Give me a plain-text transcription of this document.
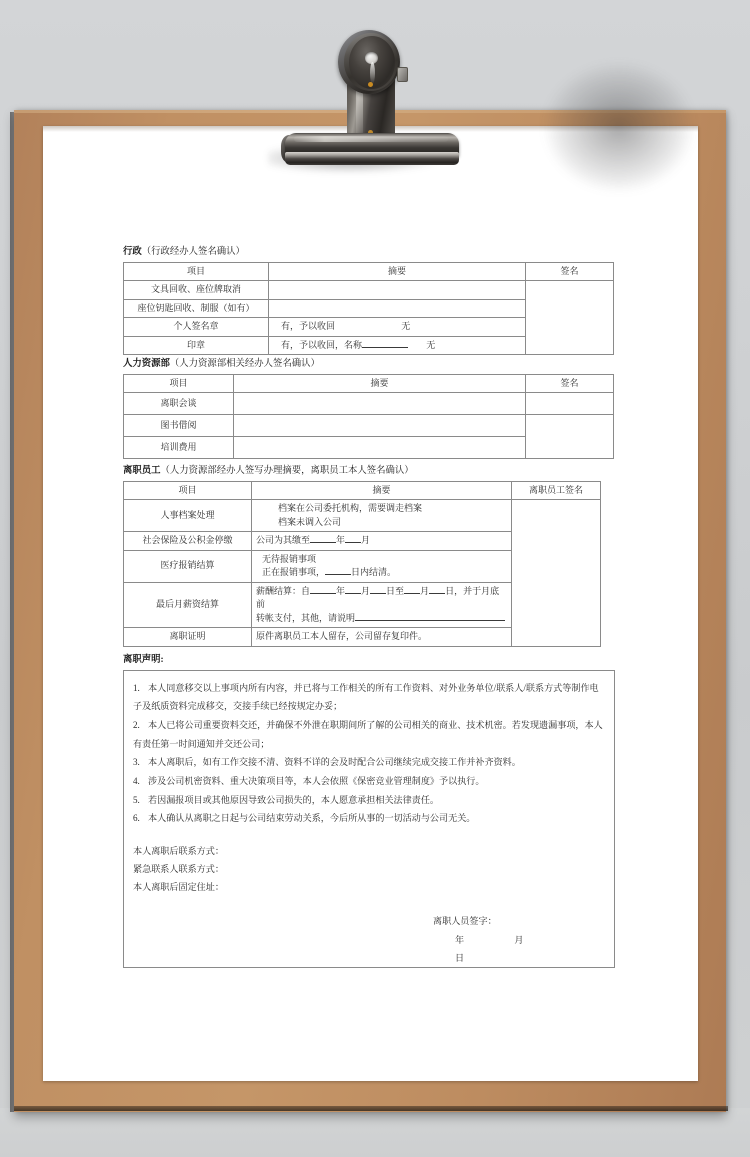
行政（行政经办人签名确认）
项目	摘要	签名
文具回收、座位牌取消		
座位钥匙回收、制服（如有）		
个人签名章	有，予以收回 无	
印章	有，予以收回，名称 无	
人力资源部（人力资源部相关经办人签名确认）
项目	摘要	签名
离职会谈		
图书借阅		
培训费用		
离职员工（人力资源部经办人签写办理摘要，离职员工本人签名确认）
项目	摘要	离职员工签名
人事档案处理	档案在公司委托机构，需要调走档案
档案未调入公司	

社会保险及公积金停缴	公司为其缴至 年 月	
医疗报销结算	无待报销事项
正在报销事项， 日内结清。	

最后月薪资结算	薪酬结算：自 年 月 日至 月 日，并于月底前
转帐支付，其他，请说明	

离职证明	原件离职员工本人留存，公司留存复印件。	
离职声明:
1. 本人同意移交以上事项内所有内容，并已将与工作相关的所有工作资料、对外业务单位/联系人/联系方式等制作电子及纸质资料完成移交，交接手续已经按规定办妥；
2. 本人已将公司重要资料交还，并确保不外泄在职期间所了解的公司相关的商业、技术机密。若发现遗漏事项，本人有责任第一时间通知并交还公司；
3. 本人离职后，如有工作交接不清、资料不详的会及时配合公司继续完成交接工作并补齐资料。
4. 涉及公司机密资料、重大决策项目等，本人会依照《保密竞业管理制度》予以执行。
5. 若因漏报项目或其他原因导致公司损失的，本人愿意承担相关法律责任。
6. 本人确认从离职之日起与公司结束劳动关系，今后所从事的一切活动与公司无关。
本人离职后联系方式：
紧急联系人联系方式：
本人离职后固定住址：
离职人员签字：
年 月 日
